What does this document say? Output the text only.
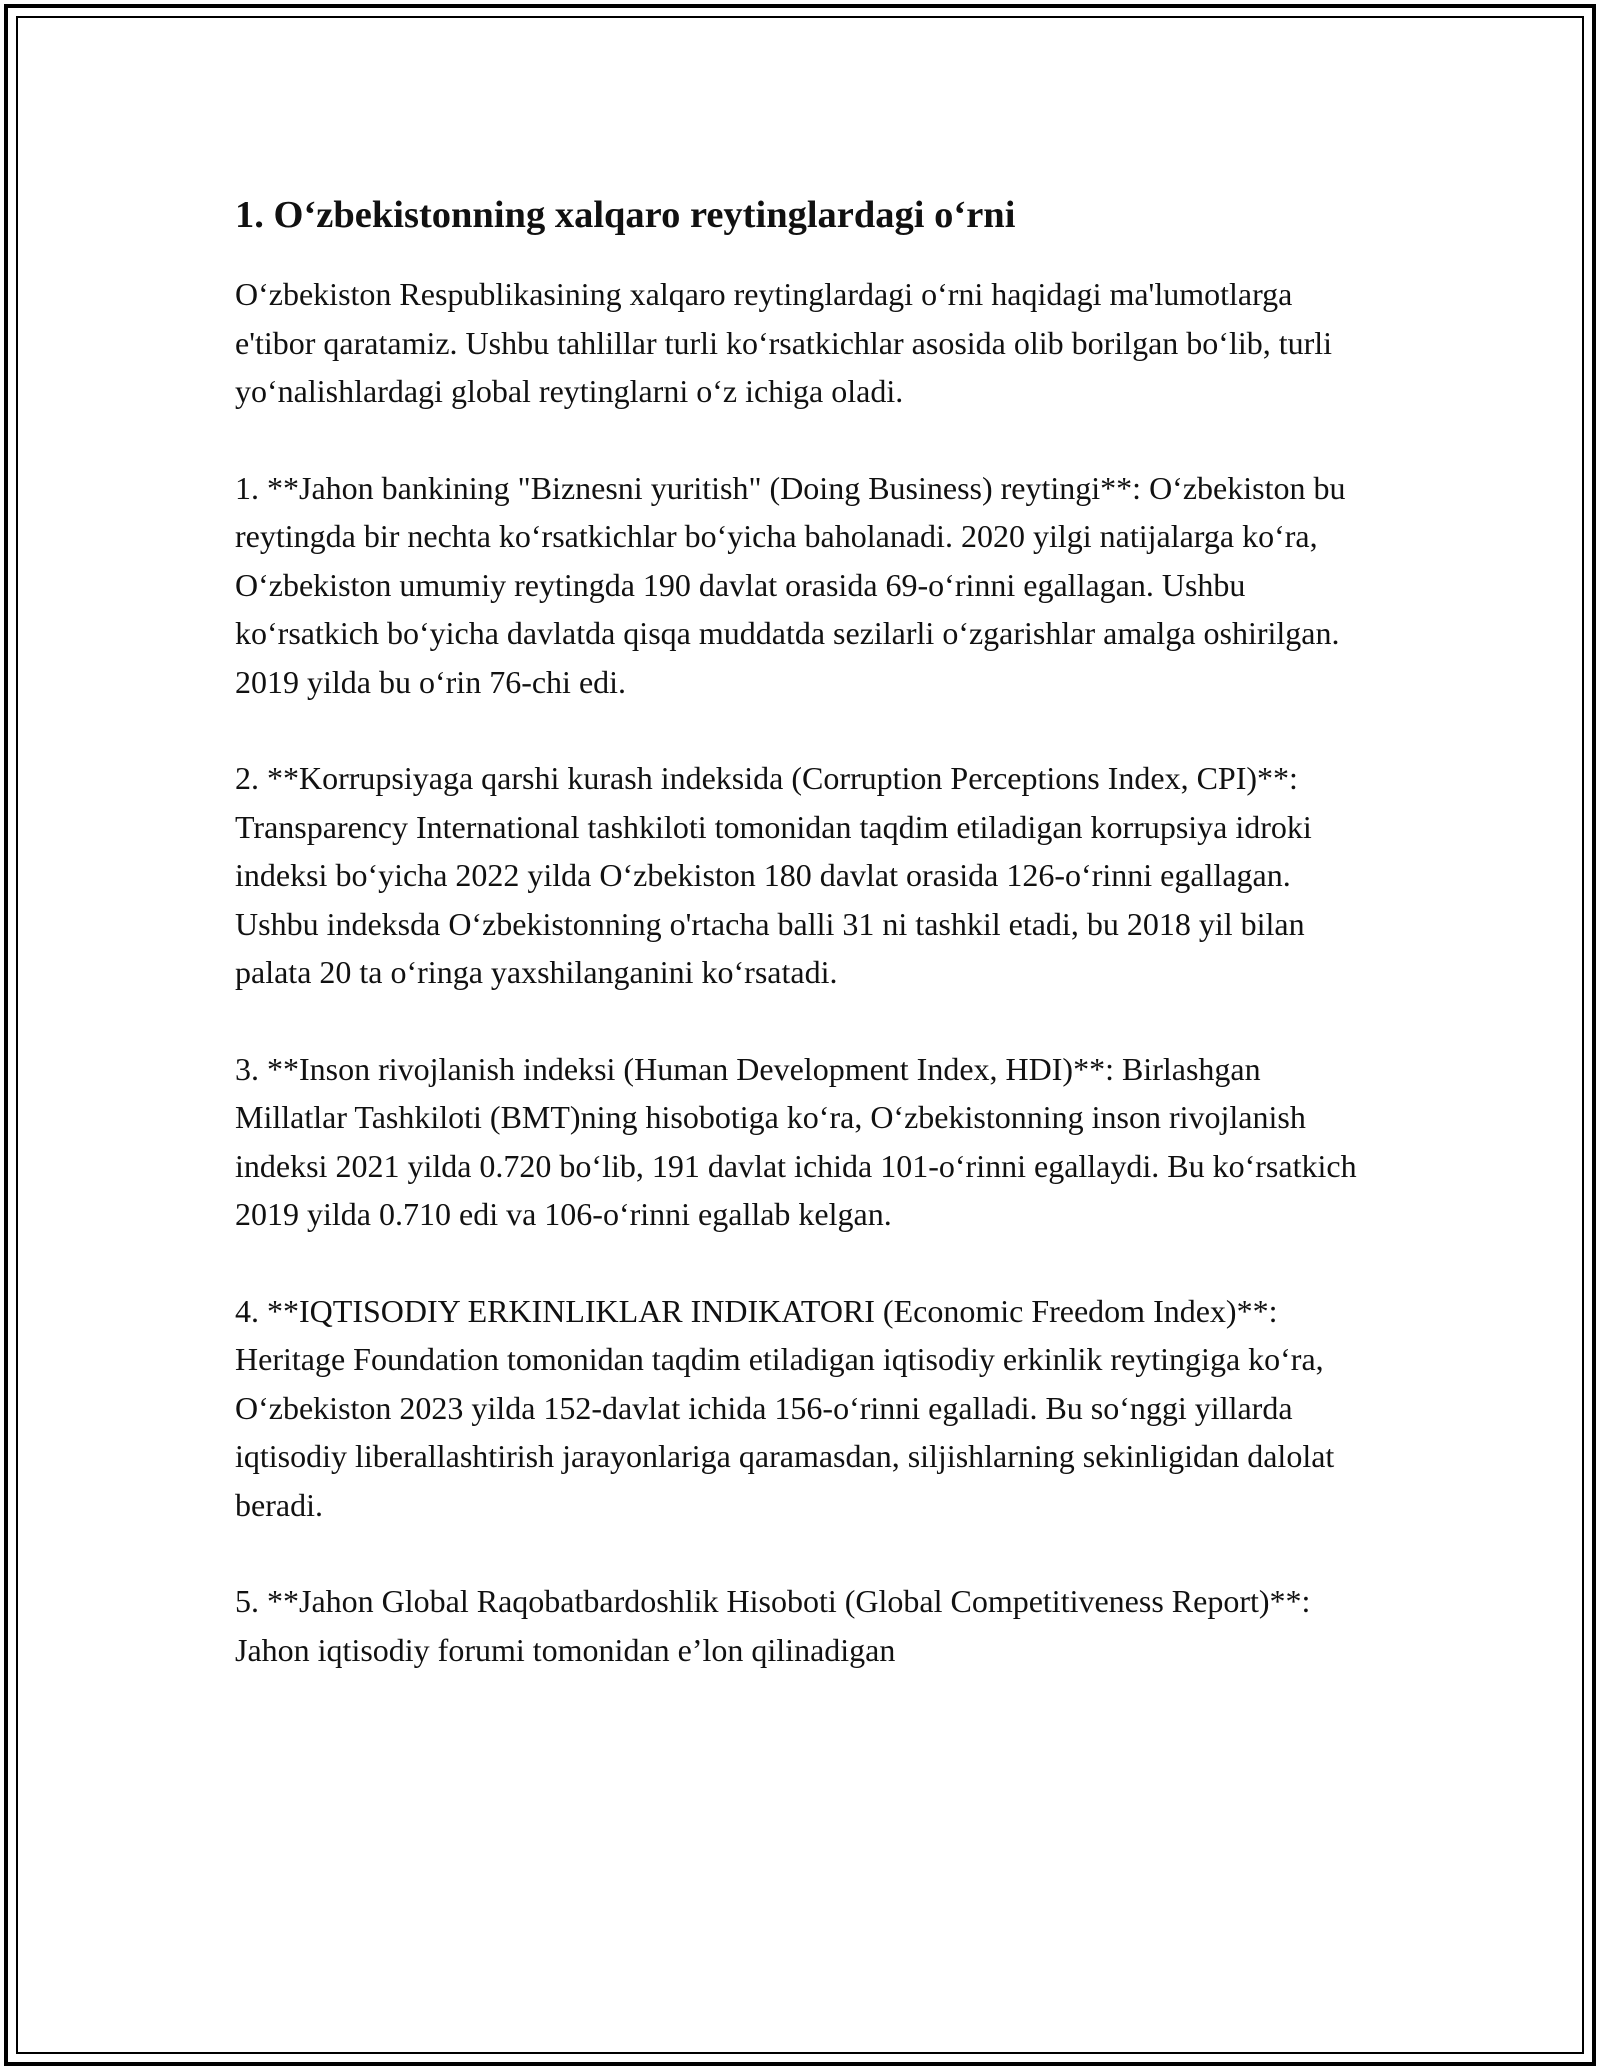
1. O‘zbekistonning xalqaro reytinglardagi o‘rni

O‘zbekiston Respublikasining xalqaro reytinglardagi o‘rni haqidagi ma'lumotlarga e'tibor qaratamiz. Ushbu tahlillar turli ko‘rsatkichlar asosida olib borilgan bo‘lib, turli yo‘nalishlardagi global reytinglarni o‘z ichiga oladi.

1. **Jahon bankining "Biznesni yuritish" (Doing Business) reytingi**: O‘zbekiston bu reytingda bir nechta ko‘rsatkichlar bo‘yicha baholanadi. 2020 yilgi natijalarga ko‘ra, O‘zbekiston umumiy reytingda 190 davlat orasida 69-o‘rinni egallagan. Ushbu ko‘rsatkich bo‘yicha davlatda qisqa muddatda sezilarli o‘zgarishlar amalga oshirilgan. 2019 yilda bu o‘rin 76-chi edi.

2. **Korrupsiyaga qarshi kurash indeksida (Corruption Perceptions Index, CPI)**: Transparency International tashkiloti tomonidan taqdim etiladigan korrupsiya idroki indeksi bo‘yicha 2022 yilda O‘zbekiston 180 davlat orasida 126-o‘rinni egallagan. Ushbu indeksda O‘zbekistonning o'rtacha balli 31 ni tashkil etadi, bu 2018 yil bilan palata 20 ta o‘ringa yaxshilanganini ko‘rsatadi.

3. **Inson rivojlanish indeksi (Human Development Index, HDI)**: Birlashgan Millatlar Tashkiloti (BMT)ning hisobotiga ko‘ra, O‘zbekistonning inson rivojlanish indeksi 2021 yilda 0.720 bo‘lib, 191 davlat ichida 101-o‘rinni egallaydi. Bu ko‘rsatkich 2019 yilda 0.710 edi va 106-o‘rinni egallab kelgan.

4. **IQTISODIY ERKINLIKLAR INDIKATORI (Economic Freedom Index)**: Heritage Foundation tomonidan taqdim etiladigan iqtisodiy erkinlik reytingiga ko‘ra, O‘zbekiston 2023 yilda 152-davlat ichida 156-o‘rinni egalladi. Bu so‘nggi yillarda iqtisodiy liberallashtirish jarayonlariga qaramasdan, siljishlarning sekinligidan dalolat beradi.

5. **Jahon Global Raqobatbardoshlik Hisoboti (Global Competitiveness Report)**: Jahon iqtisodiy forumi tomonidan e’lon qilinadigan
